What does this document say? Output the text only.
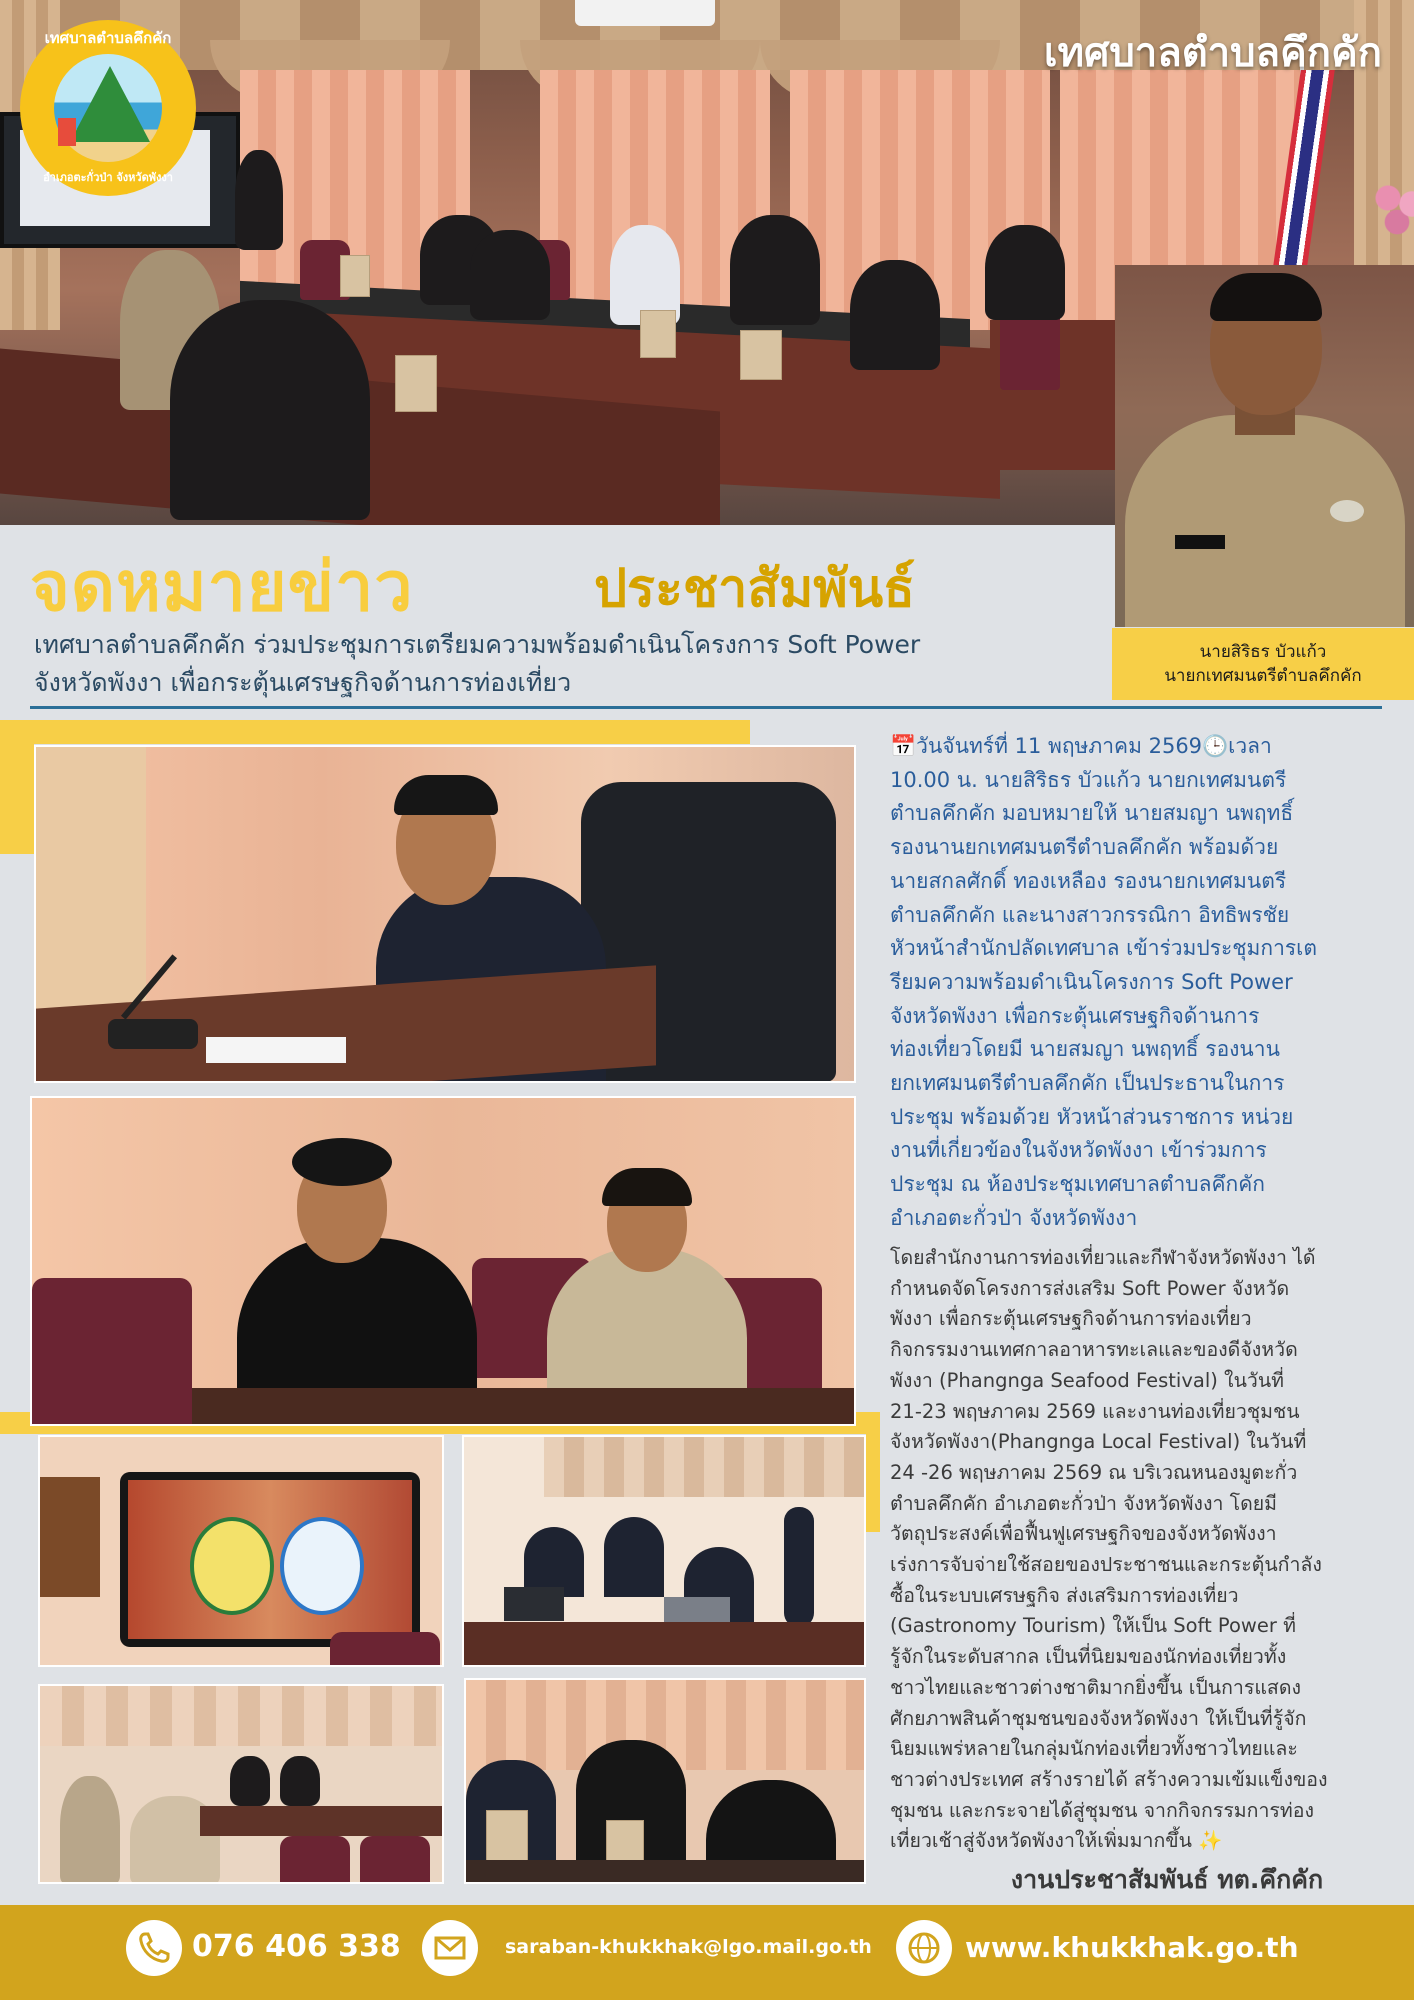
เทศบาลตำบลคึกคัก
อำเภอตะกั่วป่า จังหวัดพังงา
เทศบาลตำบลคึกคัก
จดหมายข่าว	ประชาสัมพันธ์
เทศบาลตำบลคึกคัก ร่วมประชุมการเตรียมความพร้อมดำเนินโครงการ Soft Power
จังหวัดพังงา เพื่อกระตุ้นเศรษฐกิจด้านการท่องเที่ยว
นายสิริธร บัวแก้ว
นายกเทศมนตรีตำบลคึกคัก
📅วันจันทร์ที่ 11 พฤษภาคม 2569🕒เวลา
10.00 น. นายสิริธร บัวแก้ว นายกเทศมนตรี
ตำบลคึกคัก มอบหมายให้ นายสมญา นพฤทธิ์
รองนานยกเทศมนตรีตำบลคึกคัก พร้อมด้วย
นายสกลศักดิ์ ทองเหลือง รองนายกเทศมนตรี
ตำบลคึกคัก และนางสาวกรรณิกา อิทธิพรชัย
หัวหน้าสำนักปลัดเทศบาล เข้าร่วมประชุมการเต
รียมความพร้อมดำเนินโครงการ Soft Power
จังหวัดพังงา เพื่อกระตุ้นเศรษฐกิจด้านการ
ท่องเที่ยวโดยมี นายสมญา นพฤทธิ์ รองนาน
ยกเทศมนตรีตำบลคึกคัก เป็นประธานในการ
ประชุม พร้อมด้วย หัวหน้าส่วนราชการ หน่วย
งานที่เกี่ยวข้องในจังหวัดพังงา เข้าร่วมการ
ประชุม ณ ห้องประชุมเทศบาลตำบลคึกคัก
อำเภอตะกั่วป่า จังหวัดพังงา
โดยสำนักงานการท่องเที่ยวและกีฬาจังหวัดพังงา ได้
กำหนดจัดโครงการส่งเสริม Soft Power จังหวัด
พังงา เพื่อกระตุ้นเศรษฐกิจด้านการท่องเที่ยว
กิจกรรมงานเทศกาลอาหารทะเลและของดีจังหวัด
พังงา (Phangnga Seafood Festival) ในวันที่
21-23 พฤษภาคม 2569 และงานท่องเที่ยวชุมชน
จังหวัดพังงา(Phangnga Local Festival) ในวันที่
24 -26 พฤษภาคม 2569 ณ บริเวณหนองมูตะกั่ว
ตำบลคึกคัก อำเภอตะกั่วป่า จังหวัดพังงา โดยมี
วัตถุประสงค์เพื่อฟื้นฟูเศรษฐกิจของจังหวัดพังงา
เร่งการจับจ่ายใช้สอยของประชาชนและกระตุ้นกำลัง
ซื้อในระบบเศรษฐกิจ ส่งเสริมการท่องเที่ยว
(Gastronomy Tourism) ให้เป็น Soft Power ที่
รู้จักในระดับสากล เป็นที่นิยมของนักท่องเที่ยวทั้ง
ชาวไทยและชาวต่างชาติมากยิ่งขึ้น เป็นการแสดง
ศักยภาพสินค้าชุมชนของจังหวัดพังงา ให้เป็นที่รู้จัก
นิยมแพร่หลายในกลุ่มนักท่องเที่ยวทั้งชาวไทยและ
ชาวต่างประเทศ สร้างรายได้ สร้างความเข้มแข็งของ
ชุมชน และกระจายได้สู่ชุมชน จากกิจกรรมการท่อง
เที่ยวเช้าสู่จังหวัดพังงาให้เพิ่มมากขึ้น ✨
งานประชาสัมพันธ์ ทต.คึกคัก
076 406 338	saraban-khukkhak@lgo.mail.go.th	www.khukkhak.go.th
